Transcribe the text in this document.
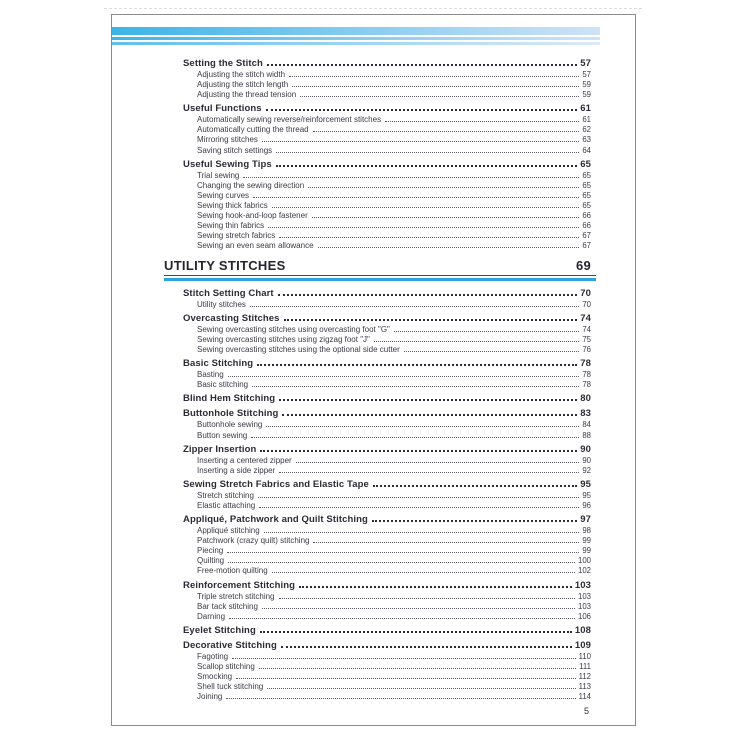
Setting the Stitch	57
Adjusting the stitch width	57
Adjusting the stitch length	59
Adjusting the thread tension	59
Useful Functions	61
Automatically sewing reverse/reinforcement stitches	61
Automatically cutting the thread	62
Mirroring stitches	63
Saving stitch settings	64
Useful Sewing Tips	65
Trial sewing	65
Changing the sewing direction	65
Sewing curves	65
Sewing thick fabrics	65
Sewing hook-and-loop fastener	66
Sewing thin fabrics	66
Sewing stretch fabrics	67
Sewing an even seam allowance	67
UTILITY STITCHES	69
Stitch Setting Chart	70
Utility stitches	70
Overcasting Stitches	74
Sewing overcasting stitches using overcasting foot "G"	74
Sewing overcasting stitches using zigzag foot "J"	75
Sewing overcasting stitches using the optional side cutter	76
Basic Stitching	78
Basting	78
Basic stitching	78
Blind Hem Stitching	80
Buttonhole Stitching	83
Buttonhole sewing	84
Button sewing	88
Zipper Insertion	90
Inserting a centered zipper	90
Inserting a side zipper	92
Sewing Stretch Fabrics and Elastic Tape	95
Stretch stitching	95
Elastic attaching	96
Appliqué, Patchwork and Quilt Stitching	97
Appliqué stitching	98
Patchwork (crazy quilt) stitching	99
Piecing	99
Quilting	100
Free-motion quilting	102
Reinforcement Stitching	103
Triple stretch stitching	103
Bar tack stitching	103
Darning	106
Eyelet Stitching	108
Decorative Stitching	109
Fagoting	110
Scallop stitching	111
Smocking	112
Shell tuck stitching	113
Joining	114
5
